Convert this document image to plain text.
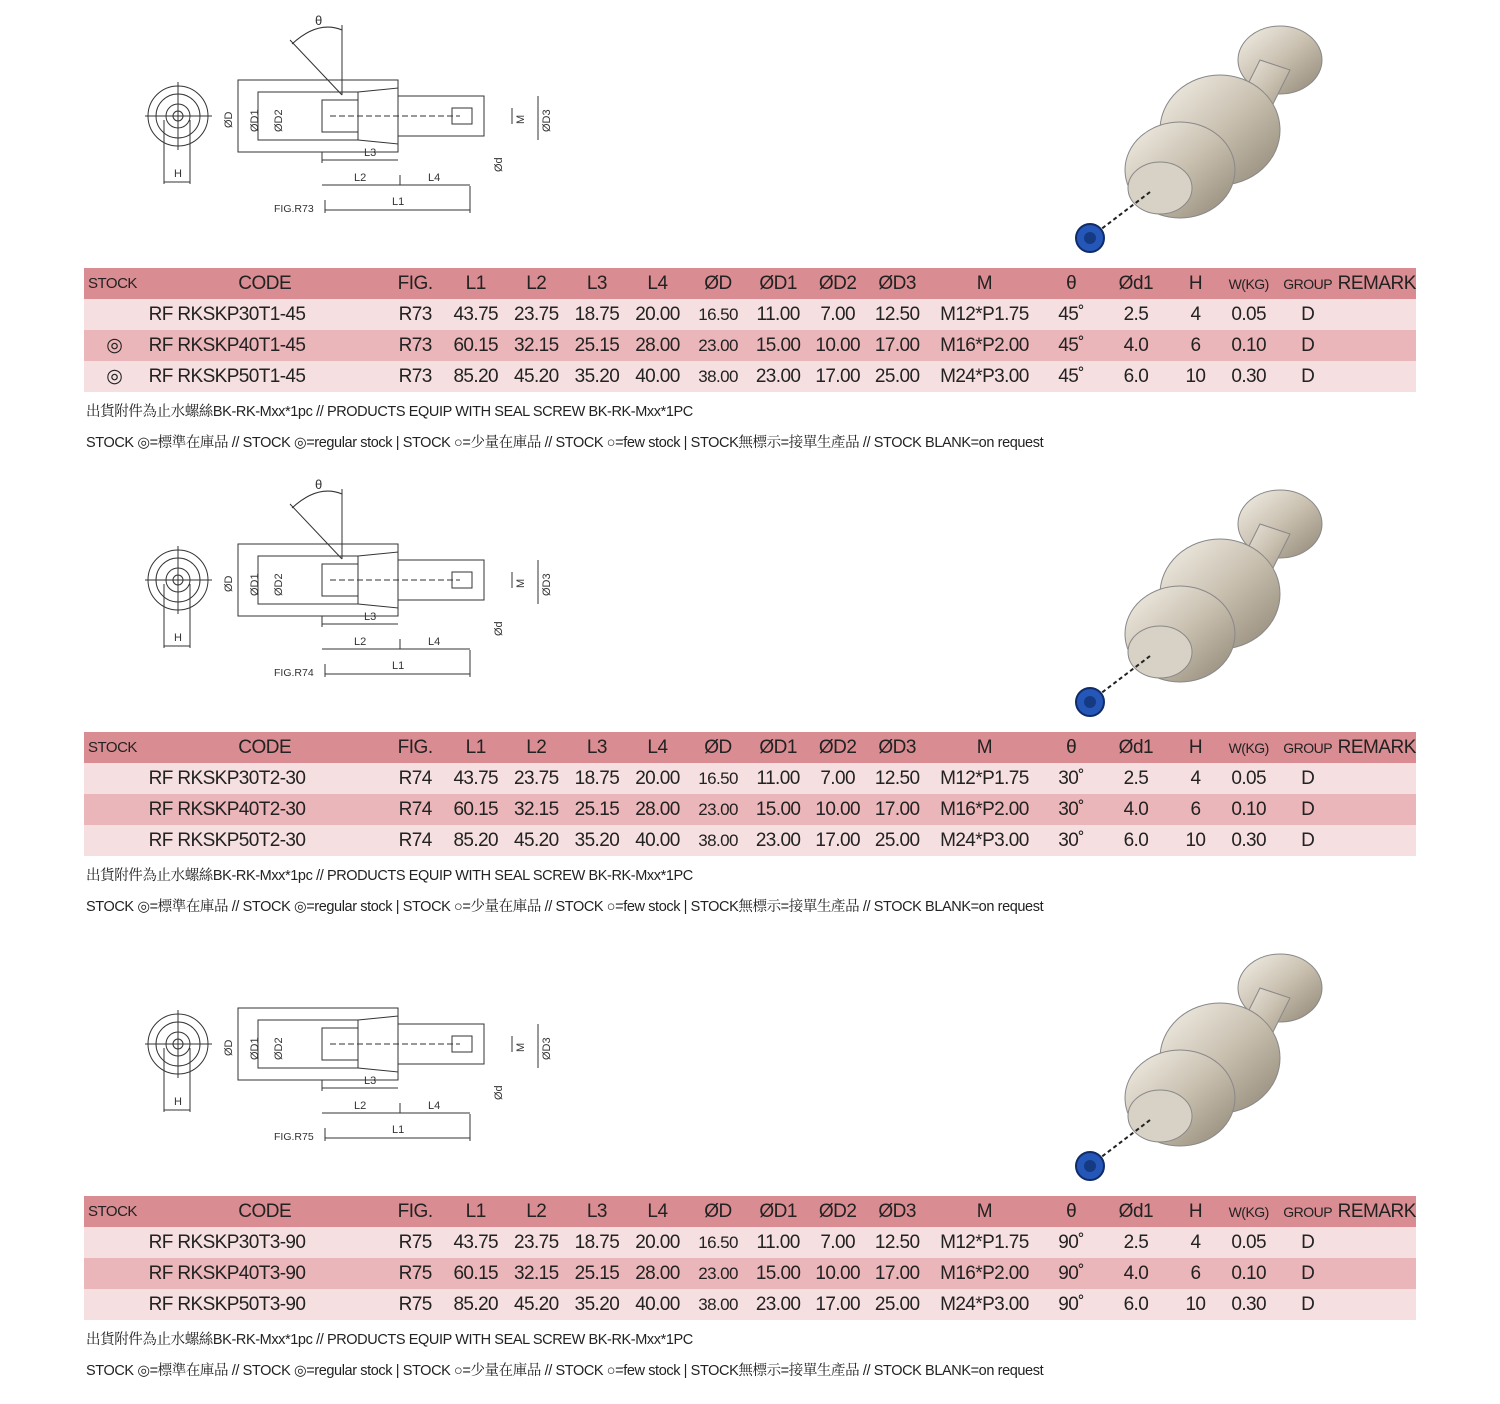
H
θ
ØD ØD1 ØD2	M ØD3
Ød
L3
L2	L4
L1
FIG.R73
STOCK	CODE	FIG.	L1	L2	L3	L4	ØD	ØD1	ØD2	ØD3	M	θ	Ød1	H	W(KG)	GROUP	REMARK
	RF RKSKP30T1-45	R73	43.75	23.75	18.75	20.00	16.50	11.00	7.00	12.50	M12*P1.75	45˚	2.5	4	0.05	D	
◎	RF RKSKP40T1-45	R73	60.15	32.15	25.15	28.00	23.00	15.00	10.00	17.00	M16*P2.00	45˚	4.0	6	0.10	D	
◎	RF RKSKP50T1-45	R73	85.20	45.20	35.20	40.00	38.00	23.00	17.00	25.00	M24*P3.00	45˚	6.0	10	0.30	D	
出貨附件為止水螺絲BK-RK-Mxx*1pc // PRODUCTS EQUIP WITH SEAL SCREW BK-RK-Mxx*1PC
STOCK ◎=標準在庫品 // STOCK ◎=regular stock | STOCK ○=少量在庫品 // STOCK ○=few stock | STOCK無標示=接單生產品 // STOCK BLANK=on request
H
θ
ØD ØD1 ØD2	M ØD3
Ød
L3
L2	L4
L1
FIG.R74
STOCK	CODE	FIG.	L1	L2	L3	L4	ØD	ØD1	ØD2	ØD3	M	θ	Ød1	H	W(KG)	GROUP	REMARK
	RF RKSKP30T2-30	R74	43.75	23.75	18.75	20.00	16.50	11.00	7.00	12.50	M12*P1.75	30˚	2.5	4	0.05	D	
	RF RKSKP40T2-30	R74	60.15	32.15	25.15	28.00	23.00	15.00	10.00	17.00	M16*P2.00	30˚	4.0	6	0.10	D	
	RF RKSKP50T2-30	R74	85.20	45.20	35.20	40.00	38.00	23.00	17.00	25.00	M24*P3.00	30˚	6.0	10	0.30	D	
出貨附件為止水螺絲BK-RK-Mxx*1pc // PRODUCTS EQUIP WITH SEAL SCREW BK-RK-Mxx*1PC
STOCK ◎=標準在庫品 // STOCK ◎=regular stock | STOCK ○=少量在庫品 // STOCK ○=few stock | STOCK無標示=接單生產品 // STOCK BLANK=on request
H
ØD ØD1 ØD2	M ØD3
Ød
L3
L2	L4
L1
FIG.R75
STOCK	CODE	FIG.	L1	L2	L3	L4	ØD	ØD1	ØD2	ØD3	M	θ	Ød1	H	W(KG)	GROUP	REMARK
	RF RKSKP30T3-90	R75	43.75	23.75	18.75	20.00	16.50	11.00	7.00	12.50	M12*P1.75	90˚	2.5	4	0.05	D	
	RF RKSKP40T3-90	R75	60.15	32.15	25.15	28.00	23.00	15.00	10.00	17.00	M16*P2.00	90˚	4.0	6	0.10	D	
	RF RKSKP50T3-90	R75	85.20	45.20	35.20	40.00	38.00	23.00	17.00	25.00	M24*P3.00	90˚	6.0	10	0.30	D	
出貨附件為止水螺絲BK-RK-Mxx*1pc // PRODUCTS EQUIP WITH SEAL SCREW BK-RK-Mxx*1PC
STOCK ◎=標準在庫品 // STOCK ◎=regular stock | STOCK ○=少量在庫品 // STOCK ○=few stock | STOCK無標示=接單生產品 // STOCK BLANK=on request
